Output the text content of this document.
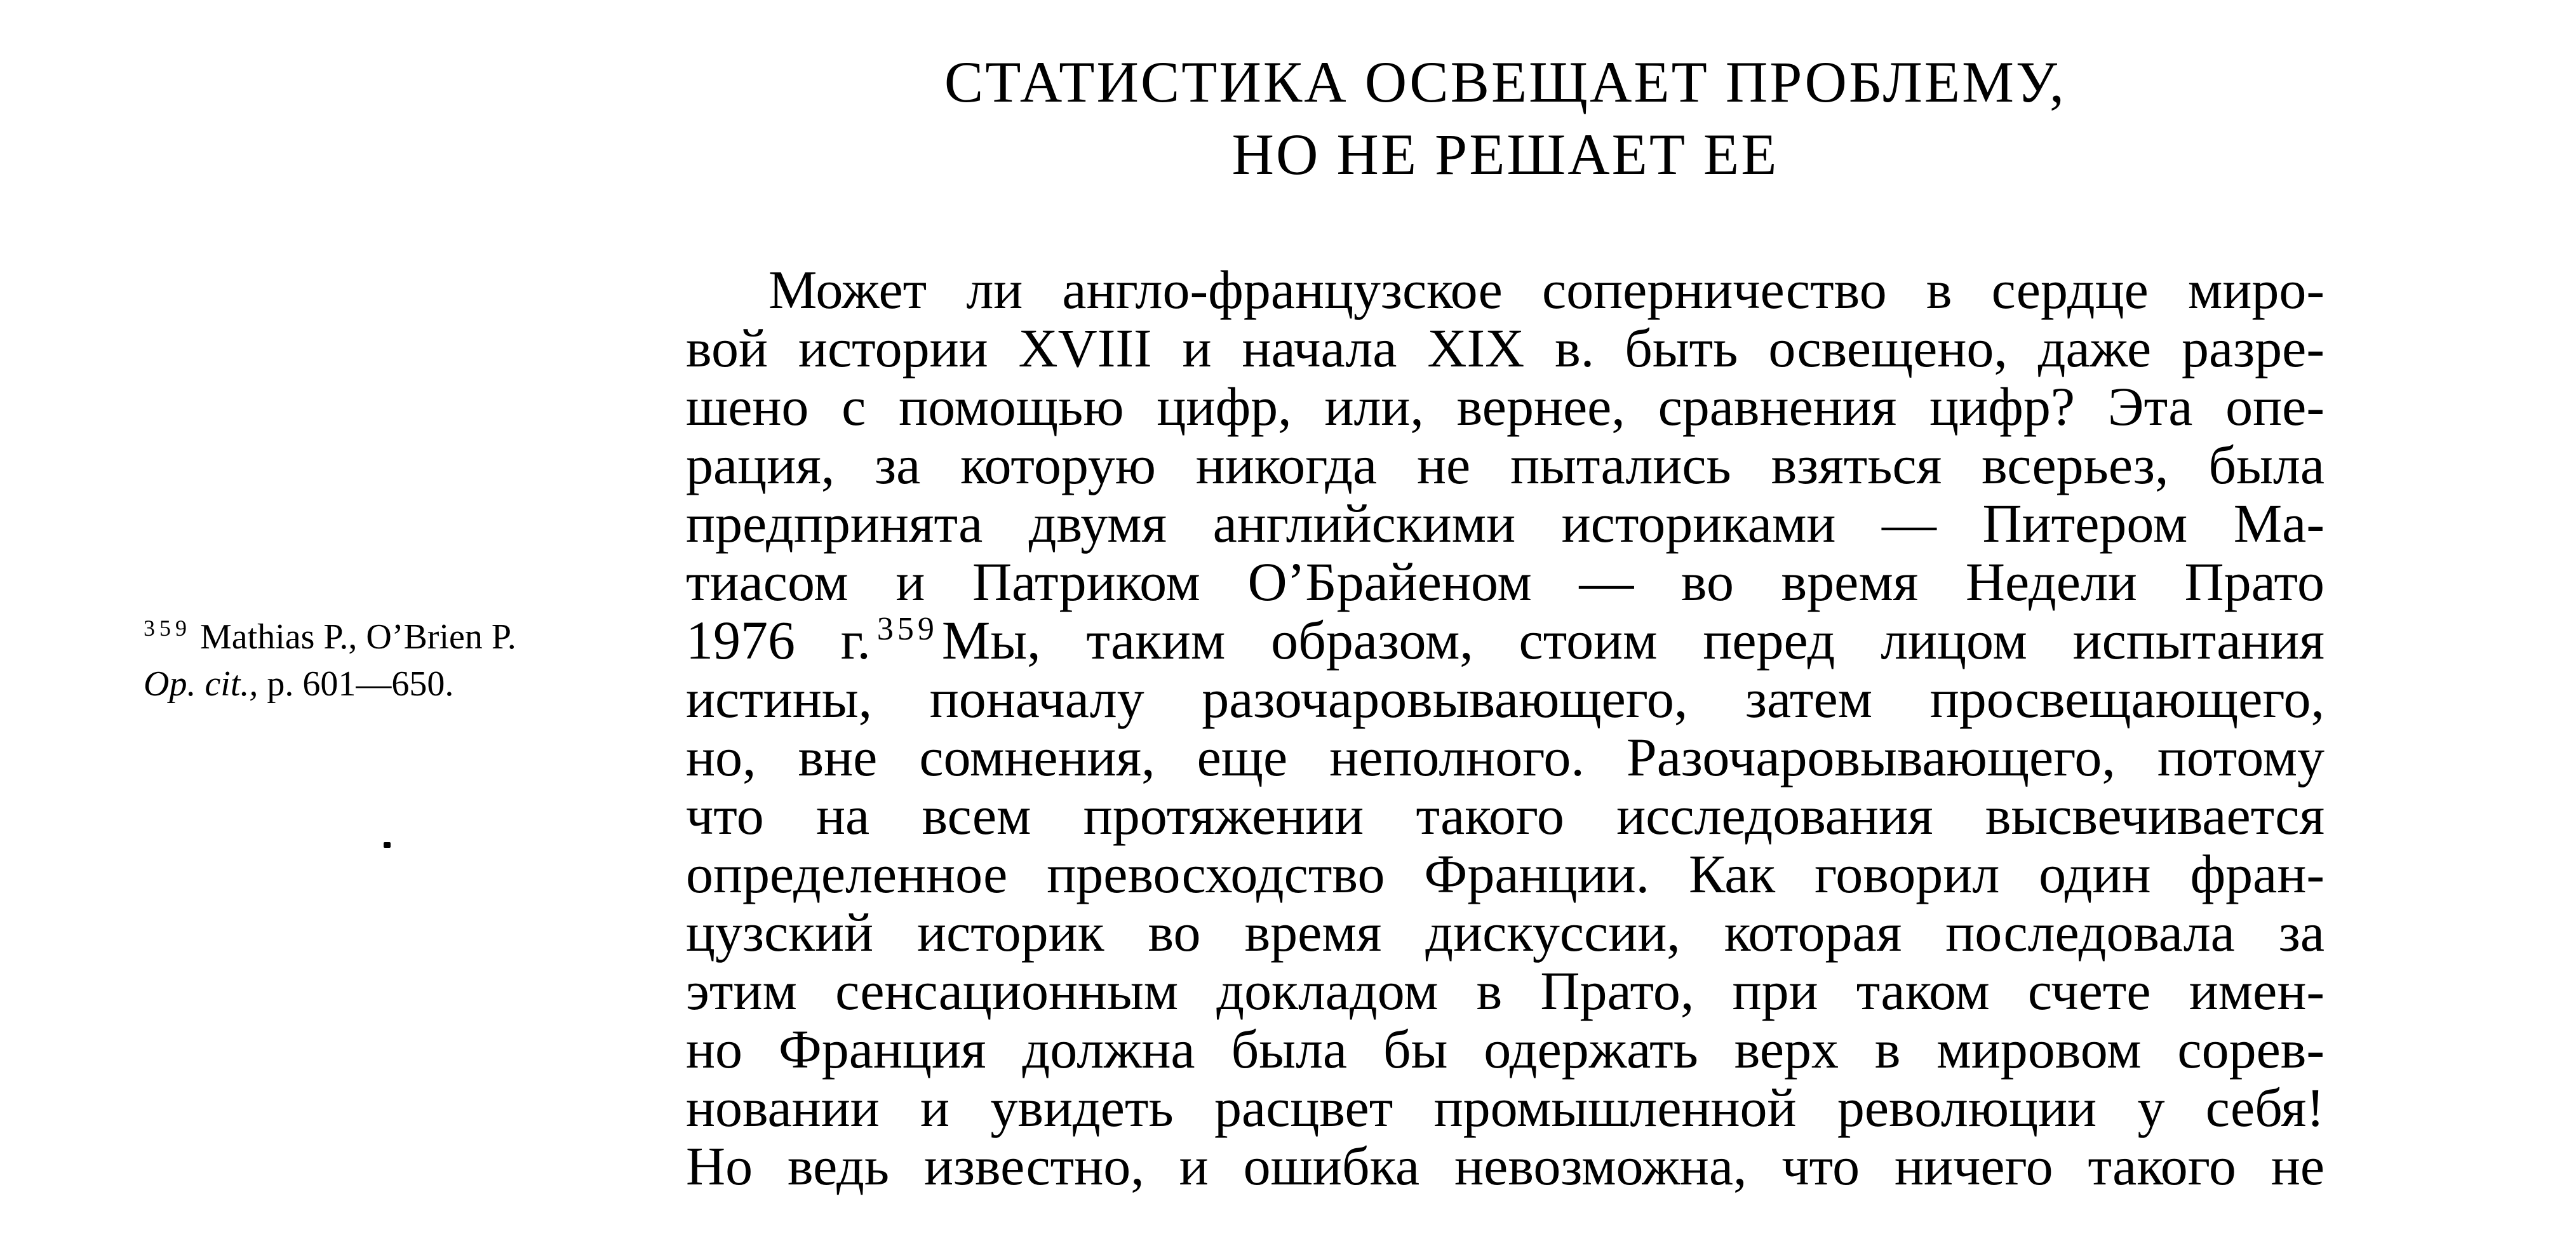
СТАТИСТИКА ОСВЕЩАЕТ ПРОБЛЕМУ,
НО НЕ РЕШАЕТ ЕЕ
$^{359}$ Mathias P., O’Brien P.
Op. cit., p. 601—650.
Может ли англо-французское соперничество в сердце миро-
вой истории XVIII и начала XIX в. быть освещено, даже разре-
шено с помощью цифр, или, вернее, сравнения цифр? Эта опе-
рация, за которую никогда не пытались взяться всерьез, была
предпринята двумя английскими историками — Питером Ма-
тиасом и Патриком О’Брайеном — во время Недели Прато
1976 г. $^{359}$Мы, таким образом, стоим перед лицом испытания
истины, поначалу разочаровывающего, затем просвещающего,
но, вне сомнения, еще неполного. Разочаровывающего, потому
что на всем протяжении такого исследования высвечивается
определенное превосходство Франции. Как говорил один фран-
цузский историк во время дискуссии, которая последовала за
этим сенсационным докладом в Прато, при таком счете имен-
но Франция должна была бы одержать верх в мировом сорев-
новании и увидеть расцвет промышленной революции у себя!
Но ведь известно, и ошибка невозможна, что ничего такого не
